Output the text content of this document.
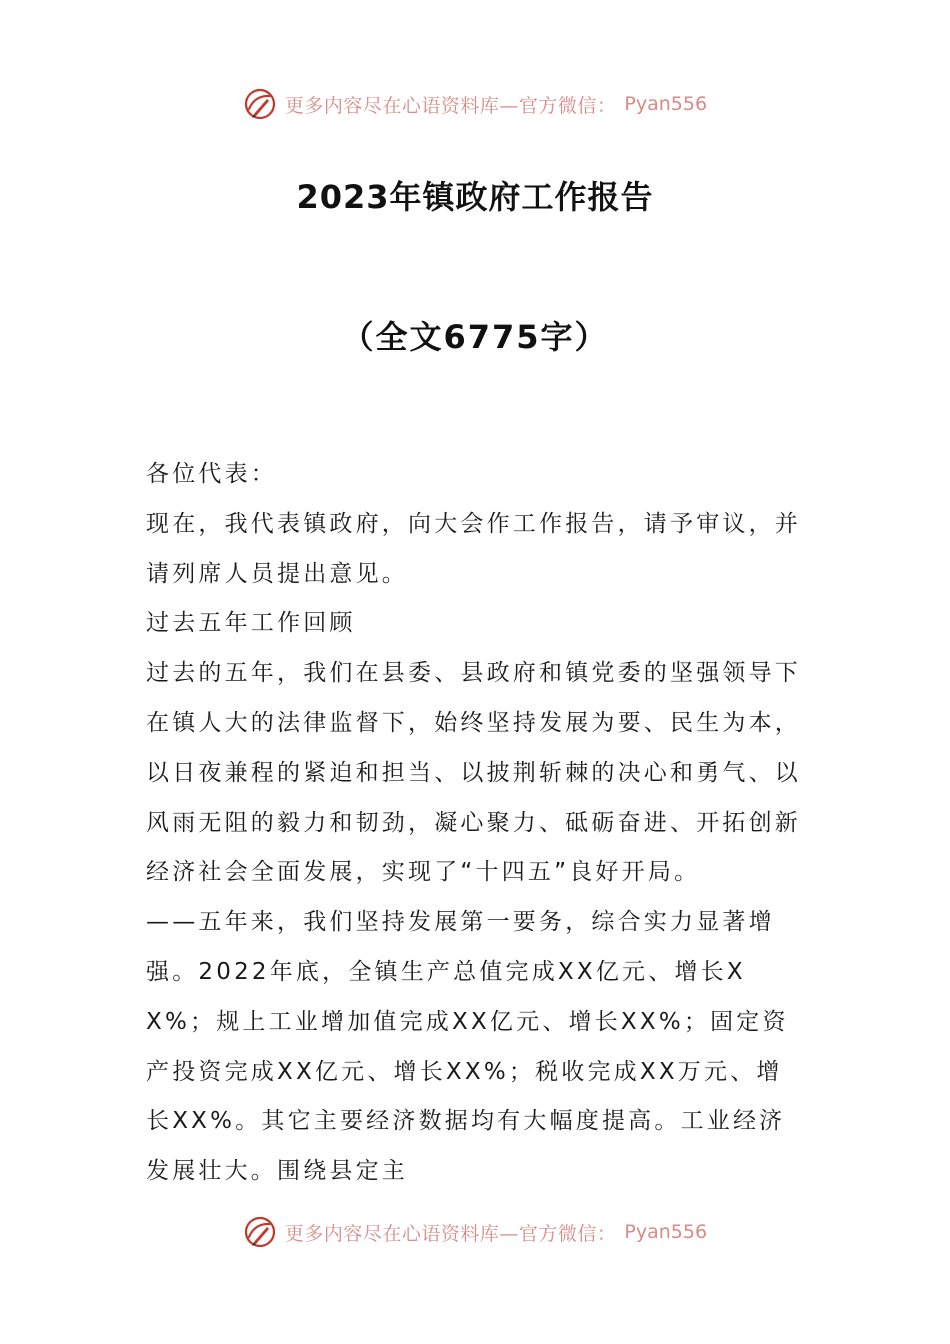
更多内容尽在心语资料库—官方微信： Pyan556
2023年镇政府工作报告
（全文6775字）

各位代表：

现在，我代表镇政府，向大会作工作报告，请予审议，并请列席人员提出意见。

过去五年工作回顾

过去的五年，我们在县委、县政府和镇党委的坚强领导下在镇人大的法律监督下，始终坚持发展为要、民生为本，以日夜兼程的紧迫和担当、以披荆斩棘的决心和勇气、以风雨无阻的毅力和韧劲，凝心聚力、砥砺奋进、开拓创新经济社会全面发展，实现了“十四五”良好开局。

——五年来，我们坚持发展第一要务，综合实力显著增强。2022年底，全镇生产总值完成XX亿元、增长XX%；规上工业增加值完成XX亿元、增长XX%；固定资产投资完成XX亿元、增长XX%；税收完成XX万元、增长XX%。其它主要经济数据均有大幅度提高。工业经济发展壮大。围绕县定主

更多内容尽在心语资料库—官方微信： Pyan556
